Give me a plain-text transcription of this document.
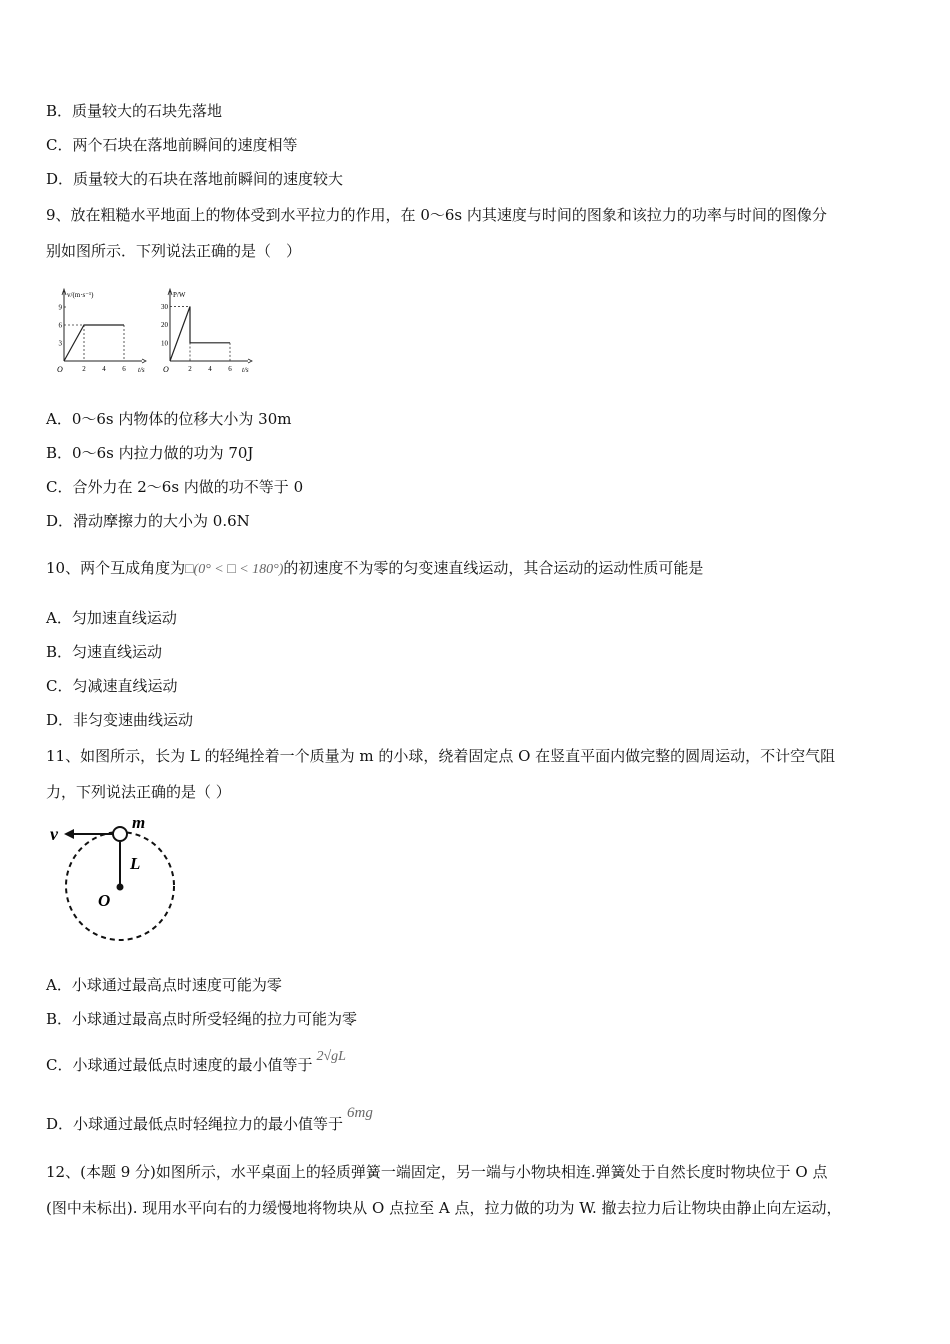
B．质量较大的石块先落地
C．两个石块在落地前瞬间的速度相等
D．质量较大的石块在落地前瞬间的速度较大
9、放在粗糙水平地面上的物体受到水平拉力的作用，在 0～6s 内其速度与时间的图象和该拉力的功率与时间的图像分
别如图所示．下列说法正确的是（　）
v/(m·s⁻¹)
t/s
O	2 4 6
3
6
9
P/W
t/s
O	2 4 6
10
20
30
A．0～6s 内物体的位移大小为 30m
B．0～6s 内拉力做的功为 70J
C．合外力在 2～6s 内做的功不等于 0
D．滑动摩擦力的大小为 0.6N
10、两个互成角度为□(0° < □ < 180°)的初速度不为零的匀变速直线运动，其合运动的运动性质可能是
A．匀加速直线运动
B．匀速直线运动
C．匀减速直线运动
D．非匀变速曲线运动
11、如图所示，长为 L 的轻绳拴着一个质量为 m 的小球，绕着固定点 O 在竖直平面内做完整的圆周运动，不计空气阻
力，下列说法正确的是（ ）
v
m
L
O
A．小球通过最高点时速度可能为零
B．小球通过最高点时所受轻绳的拉力可能为零
C．小球通过最低点时速度的最小值等于 2√gL
D．小球通过最低点时轻绳拉力的最小值等于6mg
12、(本题 9 分)如图所示，水平桌面上的轻质弹簧一端固定，另一端与小物块相连.弹簧处于自然长度时物块位于 O 点
(图中未标出). 现用水平向右的力缓慢地将物块从 O 点拉至 A 点，拉力做的功为 W. 撤去拉力后让物块由静止向左运动，
